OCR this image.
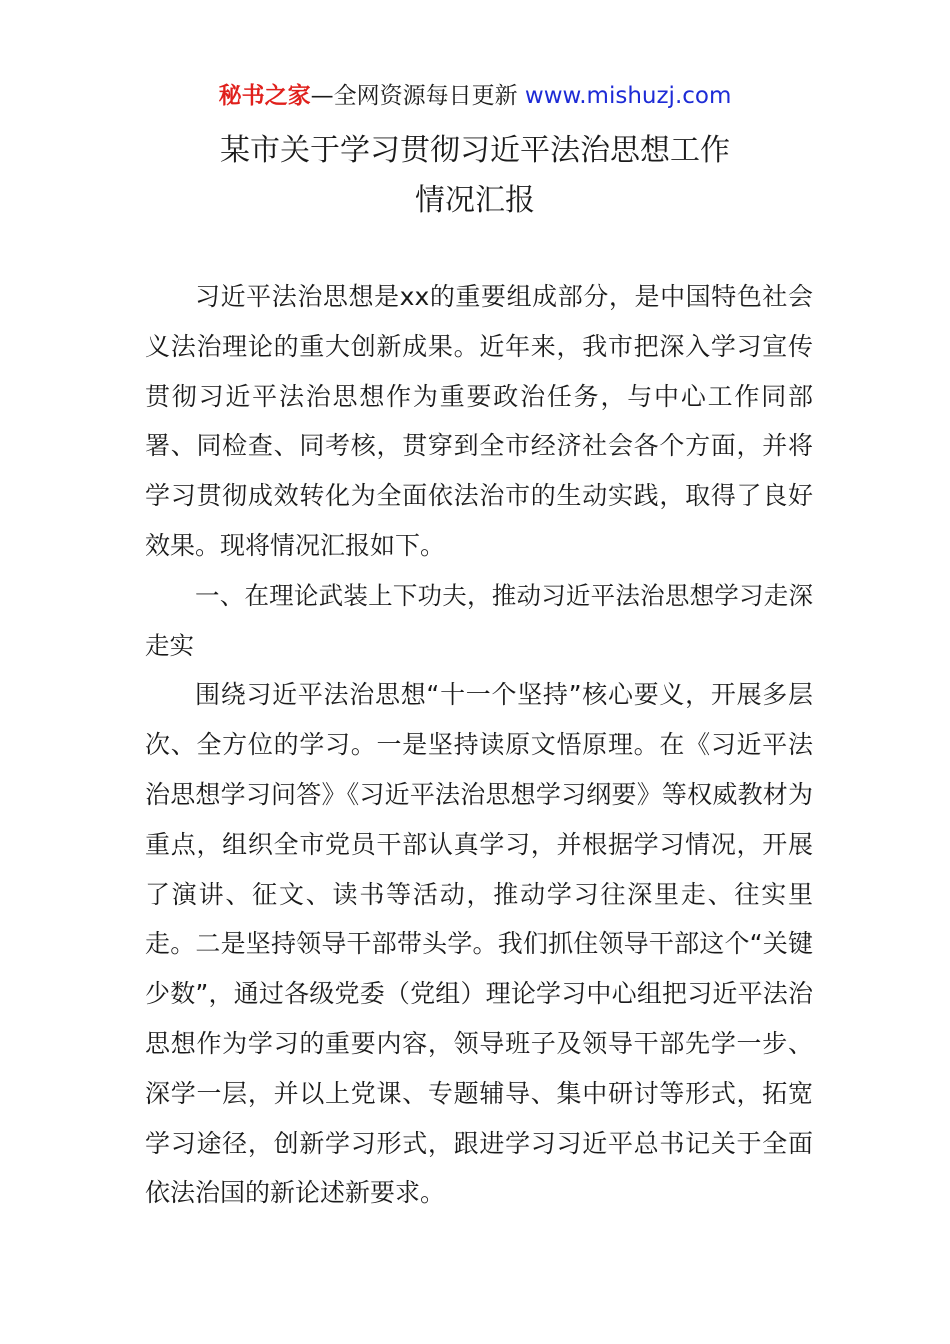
秘书之家—全网资源每日更新 www.mishuzj.com
某市关于学习贯彻习近平法治思想工作
情况汇报

习近平法治思想是xx的重要组成部分，是中国特色社会义法治理论的重大创新成果。近年来，我市把深入学习宣传贯彻习近平法治思想作为重要政治任务，与中心工作同部署、同检查、同考核，贯穿到全市经济社会各个方面，并将学习贯彻成效转化为全面依法治市的生动实践，取得了良好效果。现将情况汇报如下。

一、在理论武装上下功夫，推动习近平法治思想学习走深走实

围绕习近平法治思想“十一个坚持”核心要义，开展多层次、全方位的学习。一是坚持读原文悟原理。在《习近平法治思想学习问答》《习近平法治思想学习纲要》等权威教材为重点，组织全市党员干部认真学习，并根据学习情况，开展了演讲、征文、读书等活动，推动学习往深里走、往实里走。二是坚持领导干部带头学。我们抓住领导干部这个“关键少数”，通过各级党委（党组）理论学习中心组把习近平法治思想作为学习的重要内容，领导班子及领导干部先学一步、深学一层，并以上党课、专题辅导、集中研讨等形式，拓宽学习途径，创新学习形式，跟进学习习近平总书记关于全面依法治国的新论述新要求。
